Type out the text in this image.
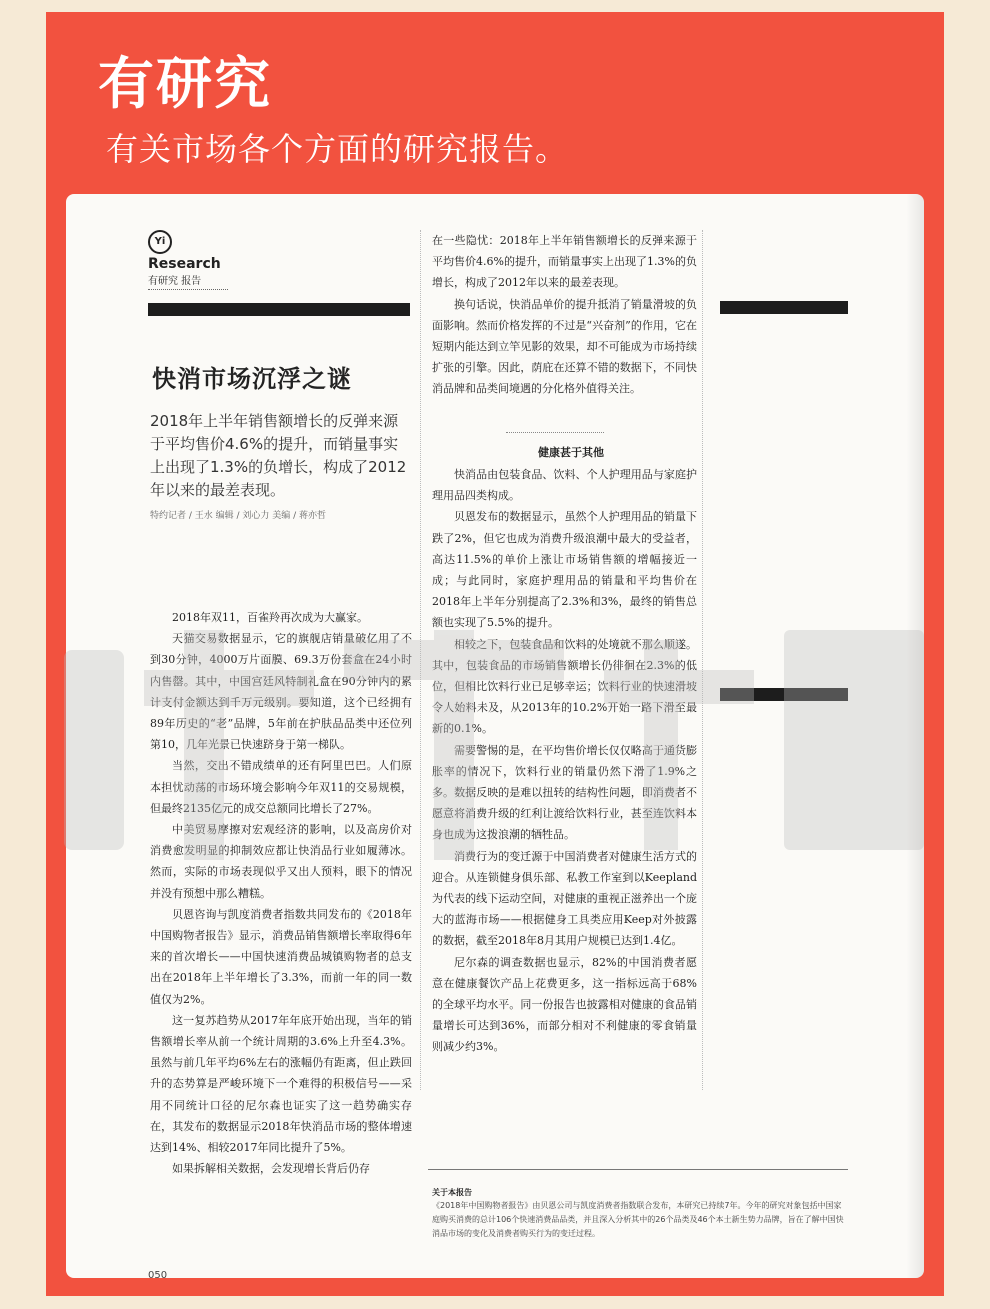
有研究
有关市场各个方面的研究报告。
Yi
Research
有研究 报告
快消市场沉浮之谜
2018年上半年销售额增长的反弹来源于平均售价4.6%的提升，而销量事实上出现了1.3%的负增长，构成了2012年以来的最差表现。
特约记者 / 王水 编辑 / 刘心力 美编 / 蒋亦哲

2018年双11，百雀羚再次成为大赢家。

天猫交易数据显示，它的旗舰店销量破亿用了不到30分钟，4000万片面膜、69.3万份套盒在24小时内售罄。其中，中国宫廷风特制礼盒在90分钟内的累计支付金额达到千万元级别。要知道，这个已经拥有89年历史的“老”品牌，5年前在护肤品品类中还位列第10，几年光景已快速跻身于第一梯队。

当然，交出不错成绩单的还有阿里巴巴。人们原本担忧动荡的市场环境会影响今年双11的交易规模，但最终2135亿元的成交总额同比增长了27%。

中美贸易摩擦对宏观经济的影响，以及高房价对消费愈发明显的抑制效应都让快消品行业如履薄冰。然而，实际的市场表现似乎又出人预料，眼下的情况并没有预想中那么糟糕。

贝恩咨询与凯度消费者指数共同发布的《2018年中国购物者报告》显示，消费品销售额增长率取得6年来的首次增长——中国快速消费品城镇购物者的总支出在2018年上半年增长了3.3%，而前一年的同一数值仅为2%。

这一复苏趋势从2017年年底开始出现，当年的销售额增长率从前一个统计周期的3.6%上升至4.3%。虽然与前几年平均6%左右的涨幅仍有距离，但止跌回升的态势算是严峻环境下一个难得的积极信号——采用不同统计口径的尼尔森也证实了这一趋势确实存在，其发布的数据显示2018年快消品市场的整体增速达到14%、相较2017年同比提升了5%。

如果拆解相关数据，会发现增长背后仍存

在一些隐忧：2018年上半年销售额增长的反弹来源于平均售价4.6%的提升，而销量事实上出现了1.3%的负增长，构成了2012年以来的最差表现。

换句话说，快消品单价的提升抵消了销量滑坡的负面影响。然而价格发挥的不过是“兴奋剂”的作用，它在短期内能达到立竿见影的效果，却不可能成为市场持续扩张的引擎。因此，荫庇在还算不错的数据下，不同快消品牌和品类间境遇的分化格外值得关注。

健康甚于其他

快消品由包装食品、饮料、个人护理用品与家庭护理用品四类构成。

贝恩发布的数据显示，虽然个人护理用品的销量下跌了2%，但它也成为消费升级浪潮中最大的受益者，高达11.5%的单价上涨让市场销售额的增幅接近一成；与此同时，家庭护理用品的销量和平均售价在2018年上半年分别提高了2.3%和3%，最终的销售总额也实现了5.5%的提升。

相较之下，包装食品和饮料的处境就不那么顺遂。其中，包装食品的市场销售额增长仍徘徊在2.3%的低位，但相比饮料行业已足够幸运；饮料行业的快速滑坡令人始料未及，从2013年的10.2%开始一路下滑至最新的0.1%。

需要警惕的是，在平均售价增长仅仅略高于通货膨胀率的情况下，饮料行业的销量仍然下滑了1.9%之多。数据反映的是难以扭转的结构性问题，即消费者不愿意将消费升级的红利让渡给饮料行业，甚至连饮料本身也成为这拨浪潮的牺牲品。

消费行为的变迁源于中国消费者对健康生活方式的迎合。从连锁健身俱乐部、私教工作室到以Keepland为代表的线下运动空间，对健康的重视正滋养出一个庞大的蓝海市场——根据健身工具类应用Keep对外披露的数据，截至2018年8月其用户规模已达到1.4亿。

尼尔森的调查数据也显示，82%的中国消费者愿意在健康餐饮产品上花费更多，这一指标远高于68%的全球平均水平。同一份报告也披露相对健康的食品销量增长可达到36%，而部分相对不利健康的零食销量则减少约3%。

关于本报告
《2018年中国购物者报告》由贝恩公司与凯度消费者指数联合发布，本研究已持续7年。今年的研究对象包括中国家庭购买消费的总计106个快速消费品品类，并且深入分析其中的26个品类及46个本土新生势力品牌，旨在了解中国快消品市场的变化及消费者购买行为的变迁过程。
050
